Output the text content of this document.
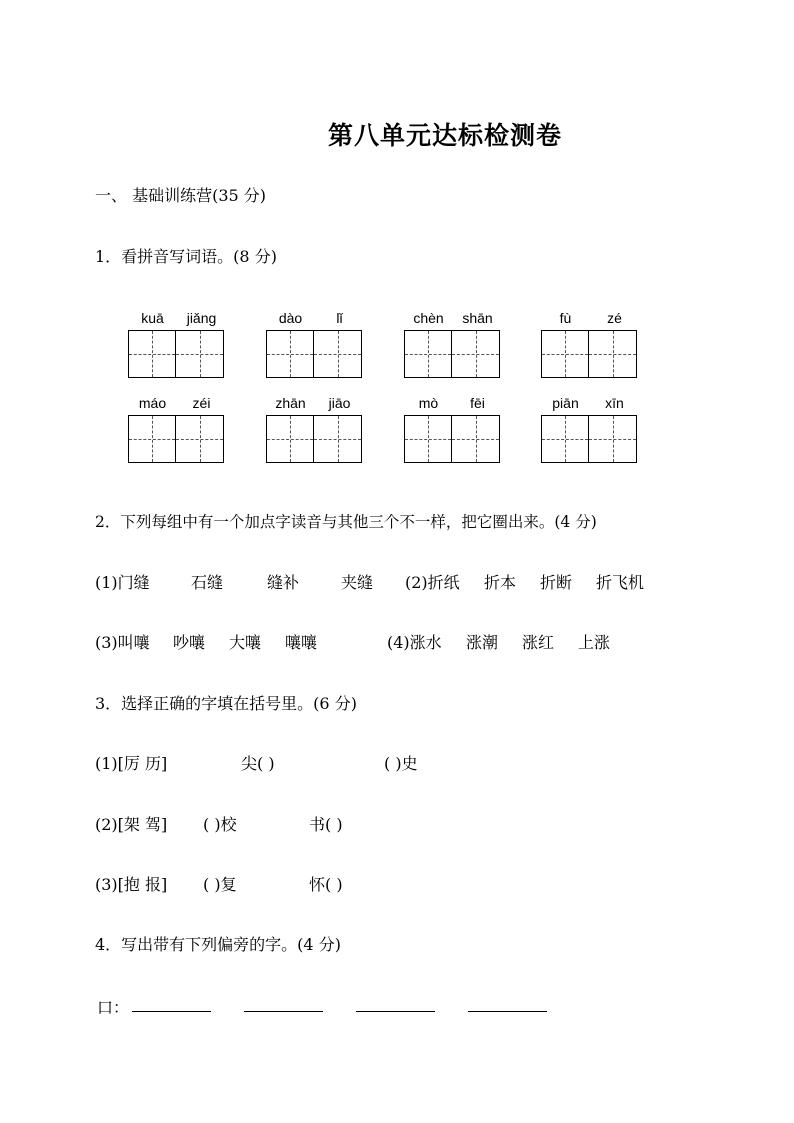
第八单元达标检测卷
一、 基础训练营(35 分)
1．看拼音写词语。(8 分)
kuā	jiǎng	dào	lǐ	chèn	shān	fù	zé
máo	zéi	zhān	jiāo	mò	fēi	piān	xīn
2．下列每组中有一个加点字读音与其他三个不一样，把它圈出来。(4 分)
(1)门缝	石缝	缝补	夹缝 (2)折纸 折本 折断 折飞机
(3)叫嚷 吵嚷 大嚷 嚷嚷	(4)涨水 涨潮 涨红 上涨
3．选择正确的字填在括号里。(6 分)
(1)[厉 历]	尖( )	( )史
(2)[架 驾] ( )校	书( )
(3)[抱 报] ( )复	怀( )
4．写出带有下列偏旁的字。(4 分)
口：
